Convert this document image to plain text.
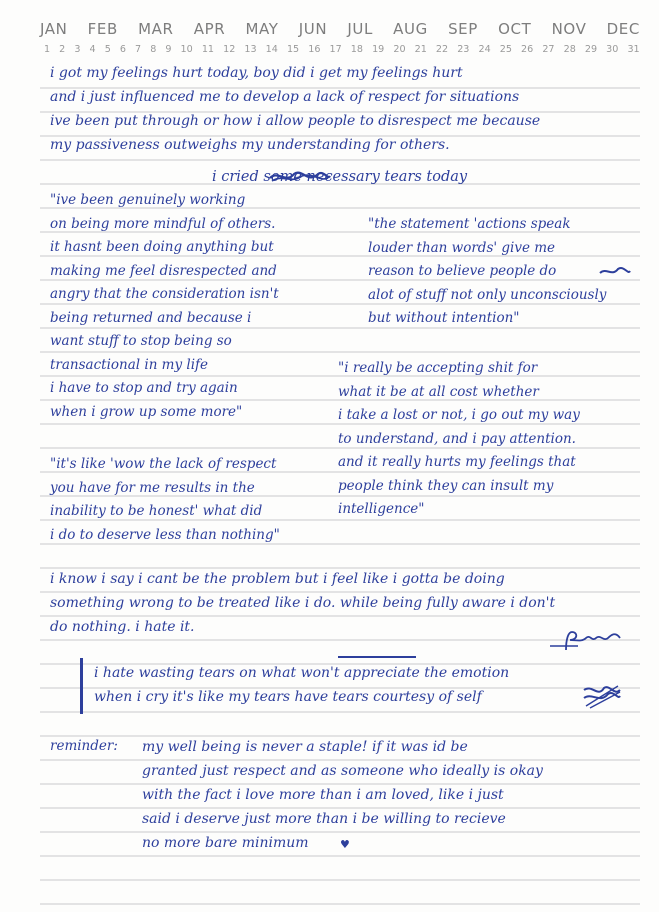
JAN FEB MAR APR MAY JUN JUL AUG SEP OCT NOV DEC
1 2 3 4 5 6 7 8 9 10 11 12 13 14 15 16 17 18 19 20 21 22 23 24 25 26 27 28 29 30 31
i got my feelings hurt today, boy did i get my feelings hurt
and i just influenced me to develop a lack of respect for situations
ive been put through or how i allow people to disrespect me because
my passiveness outweighs my understanding for others.
i cried some necessary tears today
"ive been genuinely working
on being more mindful of others.
it hasnt been doing anything but
making me feel disrespected and
angry that the consideration isn't
being returned and because i
want stuff to stop being so
transactional in my life
i have to stop and try again
when i grow up some more"
"the statement 'actions speak
louder than words' give me
reason to believe people do
alot of stuff not only unconsciously
but without intention"
"i really be accepting shit for
what it be at all cost whether
i take a lost or not, i go out my way
to understand, and i pay attention.
and it really hurts my feelings that
people think they can insult my
intelligence"
"it's like 'wow the lack of respect
you have for me results in the
inability to be honest' what did
i do to deserve less than nothing"
i know i say i cant be the problem but i feel like i gotta be doing
something wrong to be treated like i do. while being fully aware i don't
do nothing. i hate it.
i hate wasting tears on what won't appreciate the emotion
when i cry it's like my tears have tears courtesy of self
reminder: my well being is never a staple! if it was id be
granted just respect and as someone who ideally is okay
with the fact i love more than i am loved, like i just
said i deserve just more than i be willing to recieve
no more bare minimum	♥
